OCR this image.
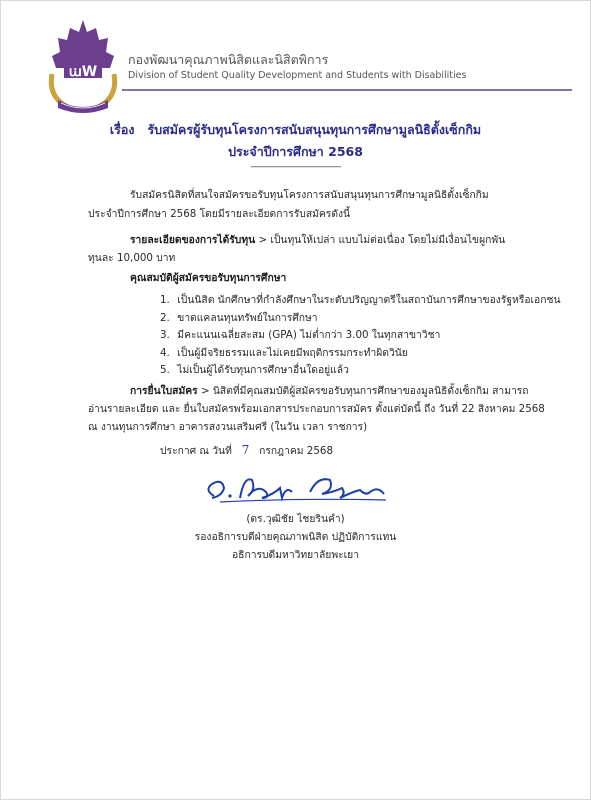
ꭐW
กองพัฒนาคุณภาพนิสิตและนิสิตพิการ
Division of Student Quality Development and Students with Disabilities
เรื่อง รับสมัครผู้รับทุนโครงการสนับสนุนทุนการศึกษามูลนิธิตั้งเซ็กกิม
ประจำปีการศึกษา 2568
----------------------------------------
รับสมัครนิสิตที่สนใจสมัครขอรับทุนโครงการสนับสนุนทุนการศึกษามูลนิธิตั้งเซ็กกิม
ประจำปีการศึกษา 2568 โดยมีรายละเอียดการรับสมัครดังนี้
รายละเอียดของการได้รับทุน > เป็นทุนให้เปล่า แบบไม่ต่อเนื่อง โดยไม่มีเงื่อนไขผูกพัน
ทุนละ 10,000 บาท
คุณสมบัติผู้สมัครขอรับทุนการศึกษา
1. เป็นนิสิต นักศึกษาที่กำลังศึกษาในระดับปริญญาตรีในสถาบันการศึกษาของรัฐหรือเอกชน
2. ขาดแคลนทุนทรัพย์ในการศึกษา
3. มีคะแนนเฉลี่ยสะสม (GPA) ไม่ต่ำกว่า 3.00 ในทุกสาขาวิชา
4. เป็นผู้มีจริยธรรมและไม่เคยมีพฤติกรรมกระทำผิดวินัย
5. ไม่เป็นผู้ได้รับทุนการศึกษาอื่นใดอยู่แล้ว
การยื่นใบสมัคร > นิสิตที่มีคุณสมบัติผู้สมัครขอรับทุนการศึกษาของมูลนิธิตั้งเซ็กกิม สามารถ
อ่านรายละเอียด และ ยื่นใบสมัครพร้อมเอกสารประกอบการสมัคร ตั้งแต่บัดนี้ ถึง วันที่ 22 สิงหาคม 2568
ณ งานทุนการศึกษา อาคารสงวนเสริมศรี (ในวัน เวลา ราชการ)
ประกาศ ณ วันที่ 7 กรกฎาคม 2568
(ดร.วุฒิชัย ไชยรินคำ)
รองอธิการบดีฝ่ายคุณภาพนิสิต ปฏิบัติการแทน
อธิการบดีมหาวิทยาลัยพะเยา
